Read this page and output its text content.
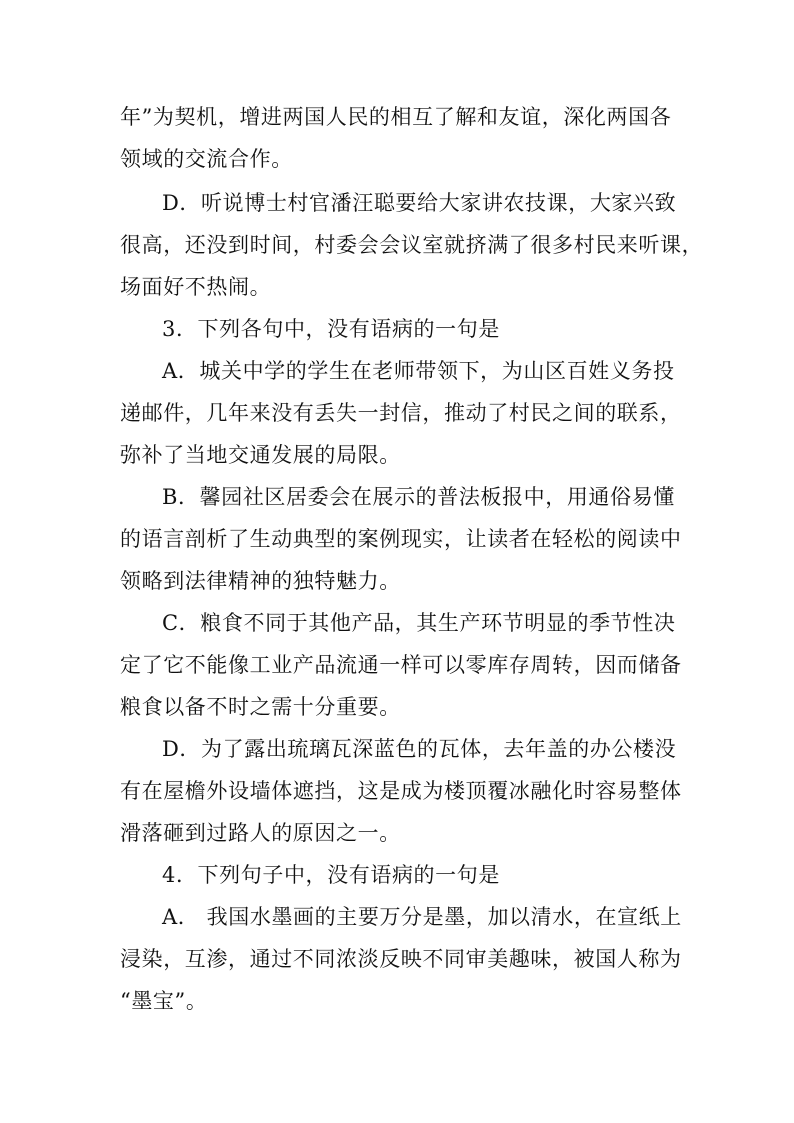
年”为契机，增进两国人民的相互了解和友谊，深化两国各
领域的交流合作。
D．听说博士村官潘汪聪要给大家讲农技课，大家兴致
很高，还没到时间，村委会会议室就挤满了很多村民来听课，
场面好不热闹。
3．下列各句中，没有语病的一句是
A．城关中学的学生在老师带领下，为山区百姓义务投
递邮件，几年来没有丢失一封信，推动了村民之间的联系，
弥补了当地交通发展的局限。
B．馨园社区居委会在展示的普法板报中，用通俗易懂
的语言剖析了生动典型的案例现实，让读者在轻松的阅读中
领略到法律精神的独特魅力。
C．粮食不同于其他产品，其生产环节明显的季节性决
定了它不能像工业产品流通一样可以零库存周转，因而储备
粮食以备不时之需十分重要。
D．为了露出琉璃瓦深蓝色的瓦体，去年盖的办公楼没
有在屋檐外设墙体遮挡，这是成为楼顶覆冰融化时容易整体
滑落砸到过路人的原因之一。
4．下列句子中，没有语病的一句是
A． 我国水墨画的主要万分是墨，加以清水，在宣纸上
浸染，互渗，通过不同浓淡反映不同审美趣味，被国人称为
“墨宝”。
